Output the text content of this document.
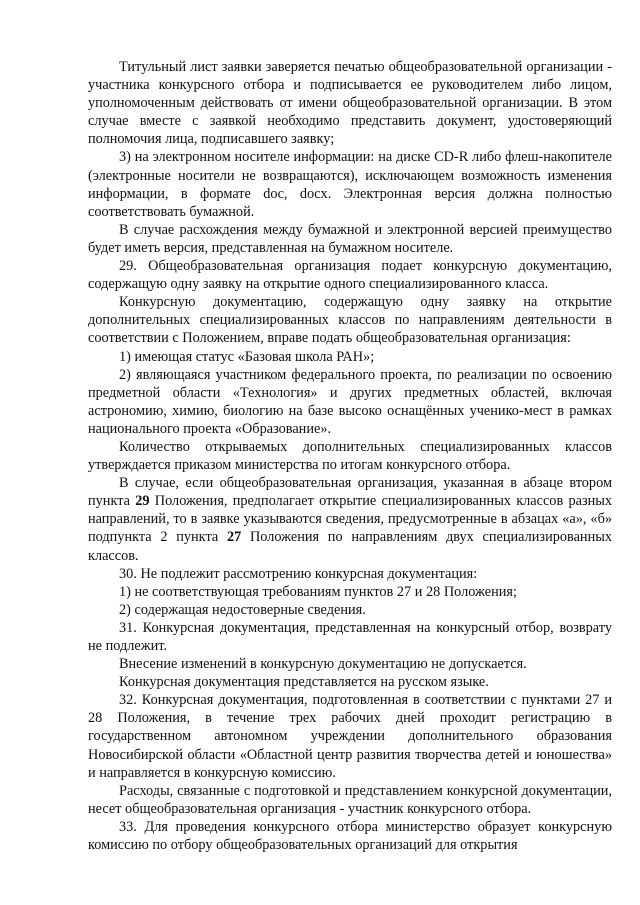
Титульный лист заявки заверяется печатью общеобразовательной организации - участника конкурсного отбора и подписывается ее руководителем либо лицом, уполномоченным действовать от имени общеобразовательной организации. В этом случае вместе с заявкой необходимо представить документ, удостоверяющий полномочия лица, подписавшего заявку;

3) на электронном носителе информации: на диске CD-R либо флеш-накопителе (электронные носители не возвращаются), исключающем возможность изменения информации, в формате doc, docx. Электронная версия должна полностью соответствовать бумажной.

В случае расхождения между бумажной и электронной версией преимущество будет иметь версия, представленная на бумажном носителе.

29. Общеобразовательная организация подает конкурсную документацию, содержащую одну заявку на открытие одного специализированного класса.

Конкурсную документацию, содержащую одну заявку на открытие дополнительных специализированных классов по направлениям деятельности в соответствии с Положением, вправе подать общеобразовательная организация:

1) имеющая статус «Базовая школа РАН»;

2) являющаяся участником федерального проекта, по реализации по освоению предметной области «Технология» и других предметных областей, включая астрономию, химию, биологию на базе высоко оснащённых ученико-мест в рамках национального проекта «Образование».

Количество открываемых дополнительных специализированных классов утверждается приказом министерства по итогам конкурсного отбора.

В случае, если общеобразовательная организация, указанная в абзаце втором пункта 29 Положения, предполагает открытие специализированных классов разных направлений, то в заявке указываются сведения, предусмотренные в абзацах «а», «б» подпункта 2 пункта 27 Положения по направлениям двух специализированных классов.

30. Не подлежит рассмотрению конкурсная документация:

1) не соответствующая требованиям пунктов 27 и 28 Положения;

2) содержащая недостоверные сведения.

31. Конкурсная документация, представленная на конкурсный отбор, возврату не подлежит.

Внесение изменений в конкурсную документацию не допускается.

Конкурсная документация представляется на русском языке.

32. Конкурсная документация, подготовленная в соответствии с пунктами 27 и 28 Положения, в течение трех рабочих дней проходит регистрацию в государственном автономном учреждении дополнительного образования Новосибирской области «Областной центр развития творчества детей и юношества» и направляется в конкурсную комиссию.

Расходы, связанные с подготовкой и представлением конкурсной документации, несет общеобразовательная организация - участник конкурсного отбора.

33. Для проведения конкурсного отбора министерство образует конкурсную комиссию по отбору общеобразовательных организаций для открытия
